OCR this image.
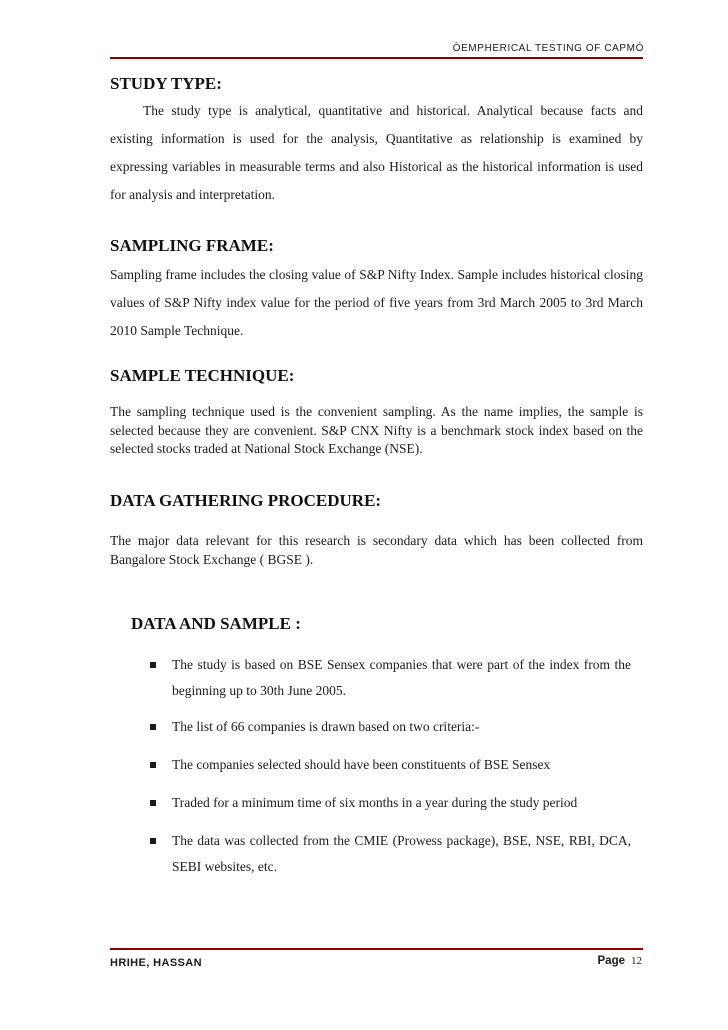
ÒEMPHERICAL TESTING OF CAPMÓ
STUDY TYPE:

The study type is analytical, quantitative and historical. Analytical because facts and existing information is used for the analysis, Quantitative as relationship is examined by expressing variables in measurable terms and also Historical as the historical information is used for analysis and interpretation.

SAMPLING FRAME:

Sampling frame includes the closing value of S&P Nifty Index. Sample includes historical closing values of S&P Nifty index value for the period of five years from 3rd March 2005 to 3rd March 2010 Sample Technique.

SAMPLE TECHNIQUE:

The sampling technique used is the convenient sampling. As the name implies, the sample is selected because they are convenient. S&P CNX Nifty is a benchmark stock index based on the selected stocks traded at National Stock Exchange (NSE).

DATA GATHERING PROCEDURE:

The major data relevant for this research is secondary data which has been collected from Bangalore Stock Exchange ( BGSE ).

DATA AND SAMPLE :
The study is based on BSE Sensex companies that were part of the index from the beginning up to 30th June 2005.
The list of 66 companies is drawn based on two criteria:-
The companies selected should have been constituents of BSE Sensex
Traded for a minimum time of six months in a year during the study period
The data was collected from the CMIE (Prowess package), BSE, NSE, RBI, DCA, SEBI websites, etc.
HRIHE, HASSAN	Page 12
